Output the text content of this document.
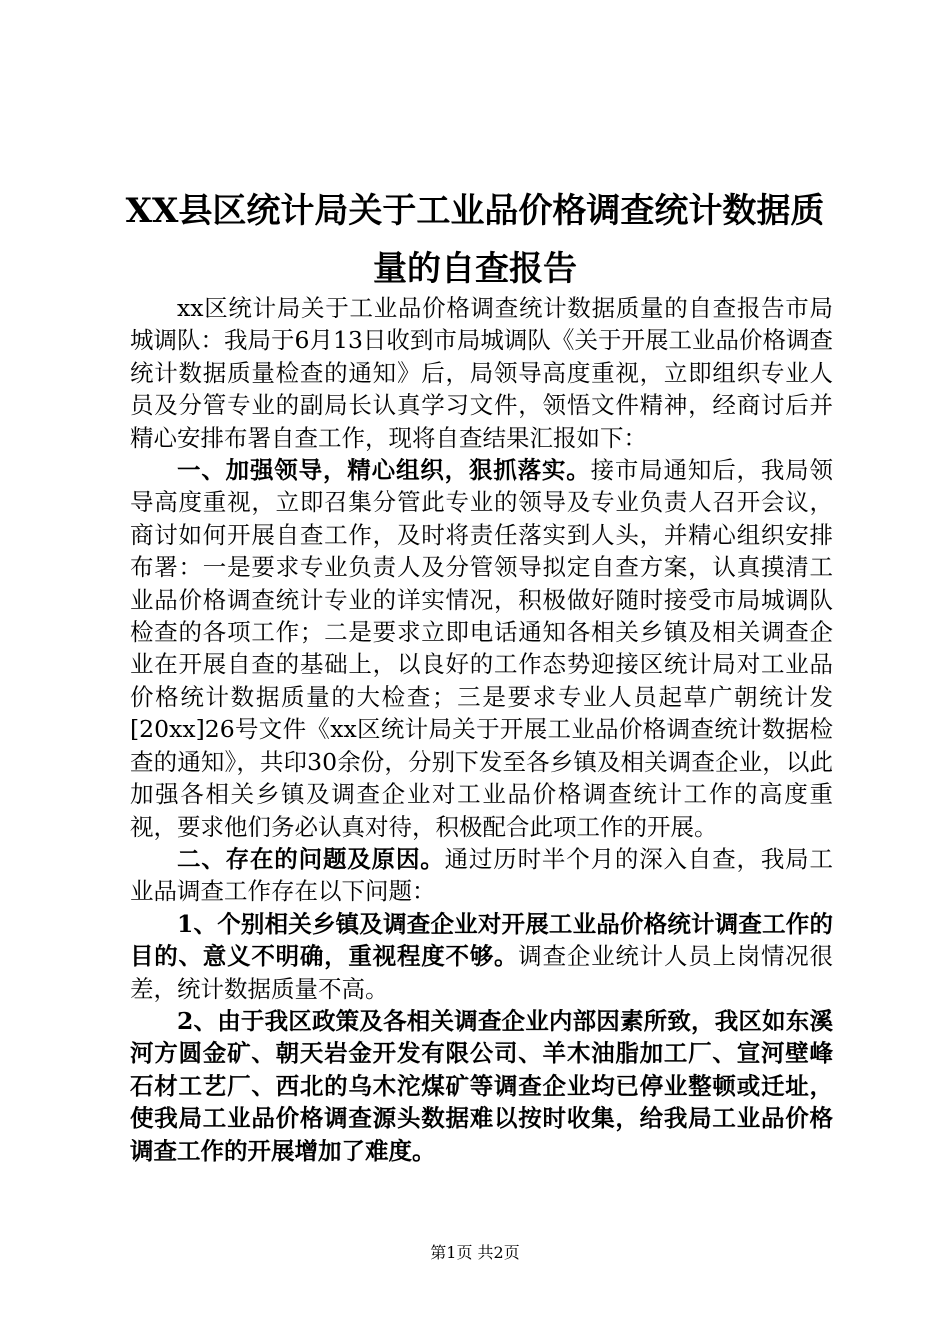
XX县区统计局关于工业品价格调查统计数据质量的自查报告

xx区统计局关于工业品价格调查统计数据质量的自查报告市局城调队：我局于6月13日收到市局城调队《关于开展工业品价格调查统计数据质量检查的通知》后，局领导高度重视，立即组织专业人员及分管专业的副局长认真学习文件，领悟文件精神，经商讨后并精心安排布署自查工作，现将自查结果汇报如下：

一、加强领导，精心组织，狠抓落实。接市局通知后，我局领导高度重视，立即召集分管此专业的领导及专业负责人召开会议，商讨如何开展自查工作，及时将责任落实到人头，并精心组织安排布署：一是要求专业负责人及分管领导拟定自查方案，认真摸清工业品价格调查统计专业的详实情况，积极做好随时接受市局城调队检查的各项工作；二是要求立即电话通知各相关乡镇及相关调查企业在开展自查的基础上，以良好的工作态势迎接区统计局对工业品价格统计数据质量的大检查；三是要求专业人员起草广朝统计发[20xx]26号文件《xx区统计局关于开展工业品价格调查统计数据检查的通知》，共印30余份，分别下发至各乡镇及相关调查企业，以此加强各相关乡镇及调查企业对工业品价格调查统计工作的高度重视，要求他们务必认真对待，积极配合此项工作的开展。

二、存在的问题及原因。通过历时半个月的深入自查，我局工业品调查工作存在以下问题：

1、个别相关乡镇及调查企业对开展工业品价格统计调查工作的目的、意义不明确，重视程度不够。调查企业统计人员上岗情况很差，统计数据质量不高。

2、由于我区政策及各相关调查企业内部因素所致，我区如东溪河方圆金矿、朝天岩金开发有限公司、羊木油脂加工厂、宣河壁峰石材工艺厂、西北的乌木沱煤矿等调查企业均已停业整顿或迁址，使我局工业品价格调查源头数据难以按时收集，给我局工业品价格调查工作的开展增加了难度。

第1页 共2页
